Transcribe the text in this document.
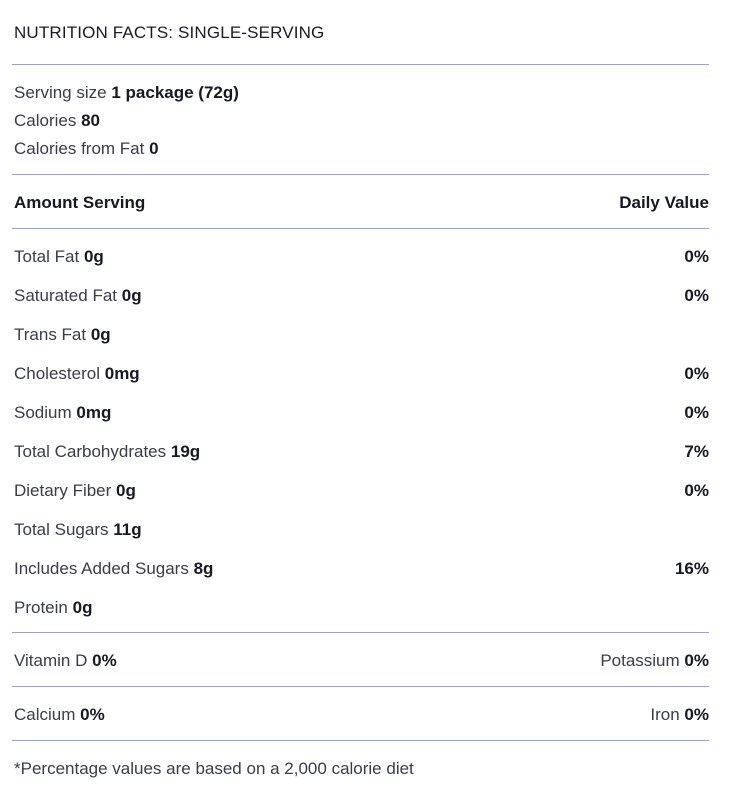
NUTRITION FACTS: SINGLE-SERVING
Serving size 1 package (72g)
Calories 80
Calories from Fat 0
Amount Serving	Daily Value
Total Fat 0g	0%
Saturated Fat 0g	0%
Trans Fat 0g
Cholesterol 0mg	0%
Sodium 0mg	0%
Total Carbohydrates 19g	7%
Dietary Fiber 0g	0%
Total Sugars 11g
Includes Added Sugars 8g	16%
Protein 0g
Vitamin D 0%	Potassium 0%
Calcium 0%	Iron 0%
*Percentage values are based on a 2,000 calorie diet
